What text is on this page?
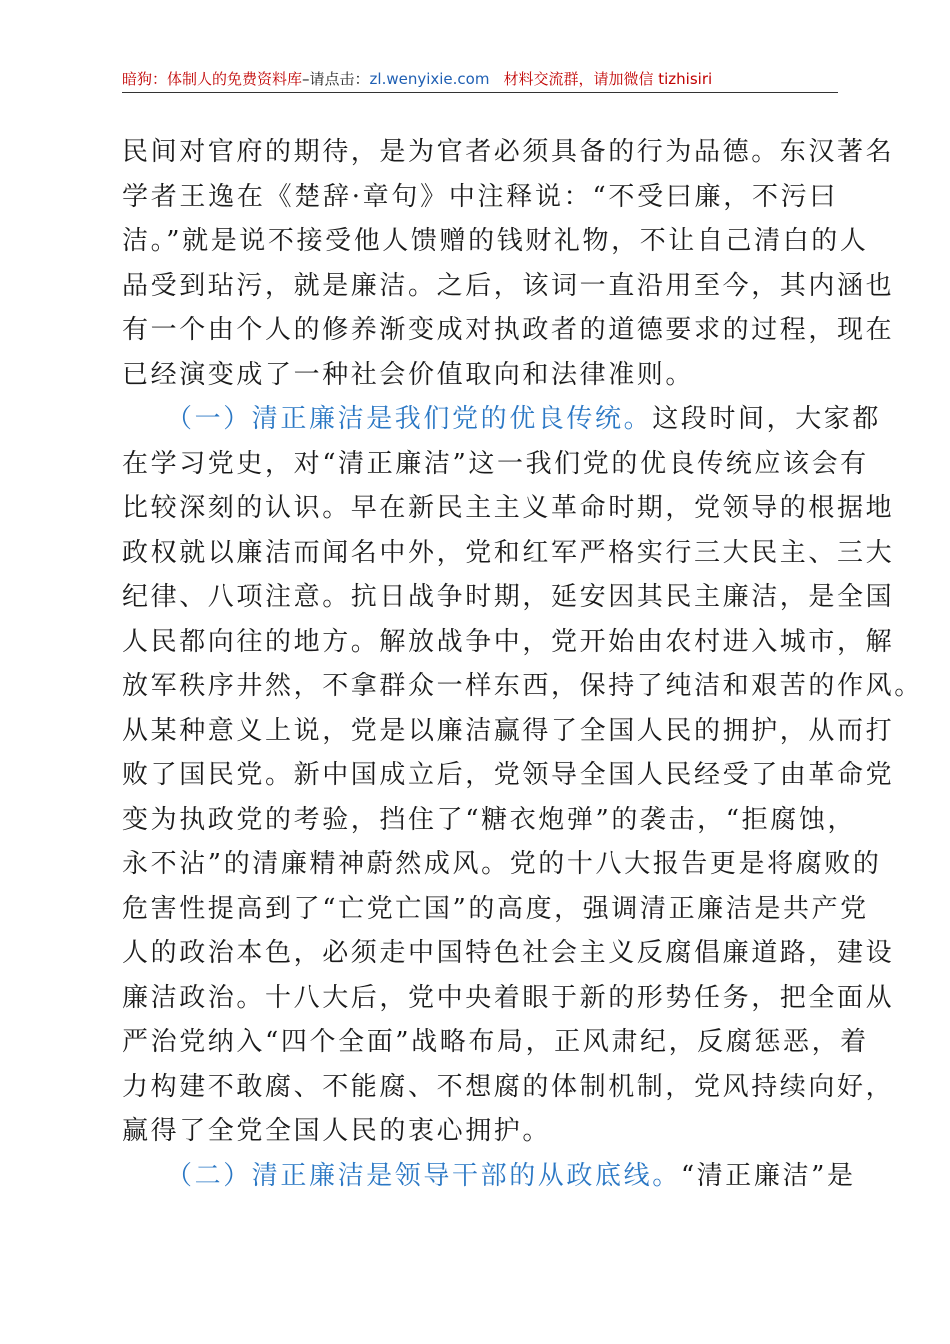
暗狗：体制人的免费资料库–请点击：zl.wenyixie.com 材料交流群，请加微信 tizhisiri
民间对官府的期待，是为官者必须具备的行为品德。东汉著名
学者王逸在《楚辞·章句》中注释说：“不受曰廉，不污曰
洁。”就是说不接受他人馈赠的钱财礼物，不让自己清白的人
品受到玷污，就是廉洁。之后，该词一直沿用至今，其内涵也
有一个由个人的修养渐变成对执政者的道德要求的过程，现在
已经演变成了一种社会价值取向和法律准则。
（一）清正廉洁是我们党的优良传统。这段时间，大家都
在学习党史，对“清正廉洁”这一我们党的优良传统应该会有
比较深刻的认识。早在新民主主义革命时期，党领导的根据地
政权就以廉洁而闻名中外，党和红军严格实行三大民主、三大
纪律、八项注意。抗日战争时期，延安因其民主廉洁，是全国
人民都向往的地方。解放战争中，党开始由农村进入城市，解
放军秩序井然，不拿群众一样东西，保持了纯洁和艰苦的作风。
从某种意义上说，党是以廉洁赢得了全国人民的拥护，从而打
败了国民党。新中国成立后，党领导全国人民经受了由革命党
变为执政党的考验，挡住了“糖衣炮弹”的袭击，“拒腐蚀，
永不沾”的清廉精神蔚然成风。党的十八大报告更是将腐败的
危害性提高到了“亡党亡国”的高度，强调清正廉洁是共产党
人的政治本色，必须走中国特色社会主义反腐倡廉道路，建设
廉洁政治。十八大后，党中央着眼于新的形势任务，把全面从
严治党纳入“四个全面”战略布局，正风肃纪，反腐惩恶，着
力构建不敢腐、不能腐、不想腐的体制机制，党风持续向好，
赢得了全党全国人民的衷心拥护。
（二）清正廉洁是领导干部的从政底线。“清正廉洁”是
